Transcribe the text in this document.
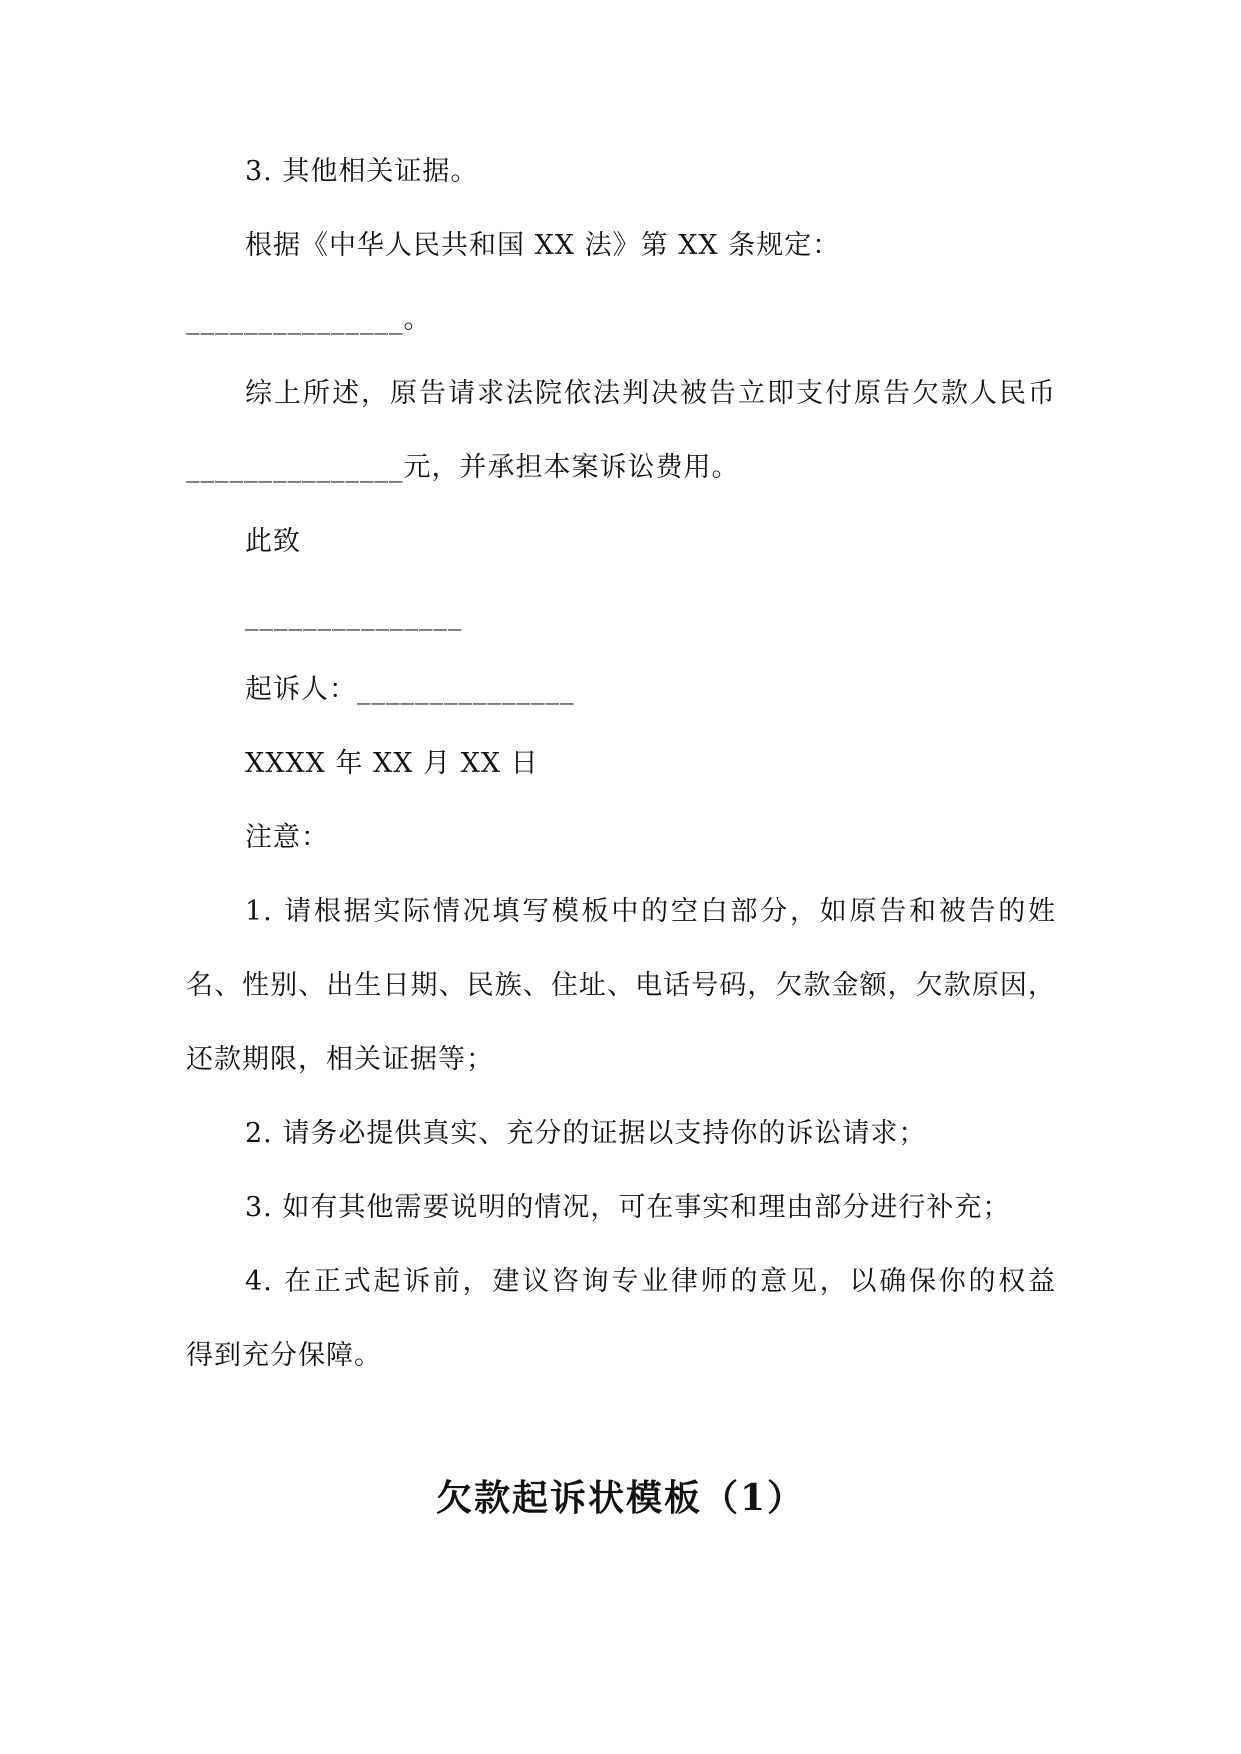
3. 其他相关证据。
根据《中华人民共和国 XX 法》第 XX 条规定：
_______________。
综上所述，原告请求法院依法判决被告立即支付原告欠款人民币
_______________元，并承担本案诉讼费用。
此致
_______________
起诉人：_______________
XXXX 年 XX 月 XX 日
注意：
1. 请根据实际情况填写模板中的空白部分，如原告和被告的姓
名、性别、出生日期、民族、住址、电话号码，欠款金额，欠款原因，
还款期限，相关证据等；
2. 请务必提供真实、充分的证据以支持你的诉讼请求；
3. 如有其他需要说明的情况，可在事实和理由部分进行补充；
4. 在正式起诉前，建议咨询专业律师的意见，以确保你的权益
得到充分保障。
欠款起诉状模板（1）
